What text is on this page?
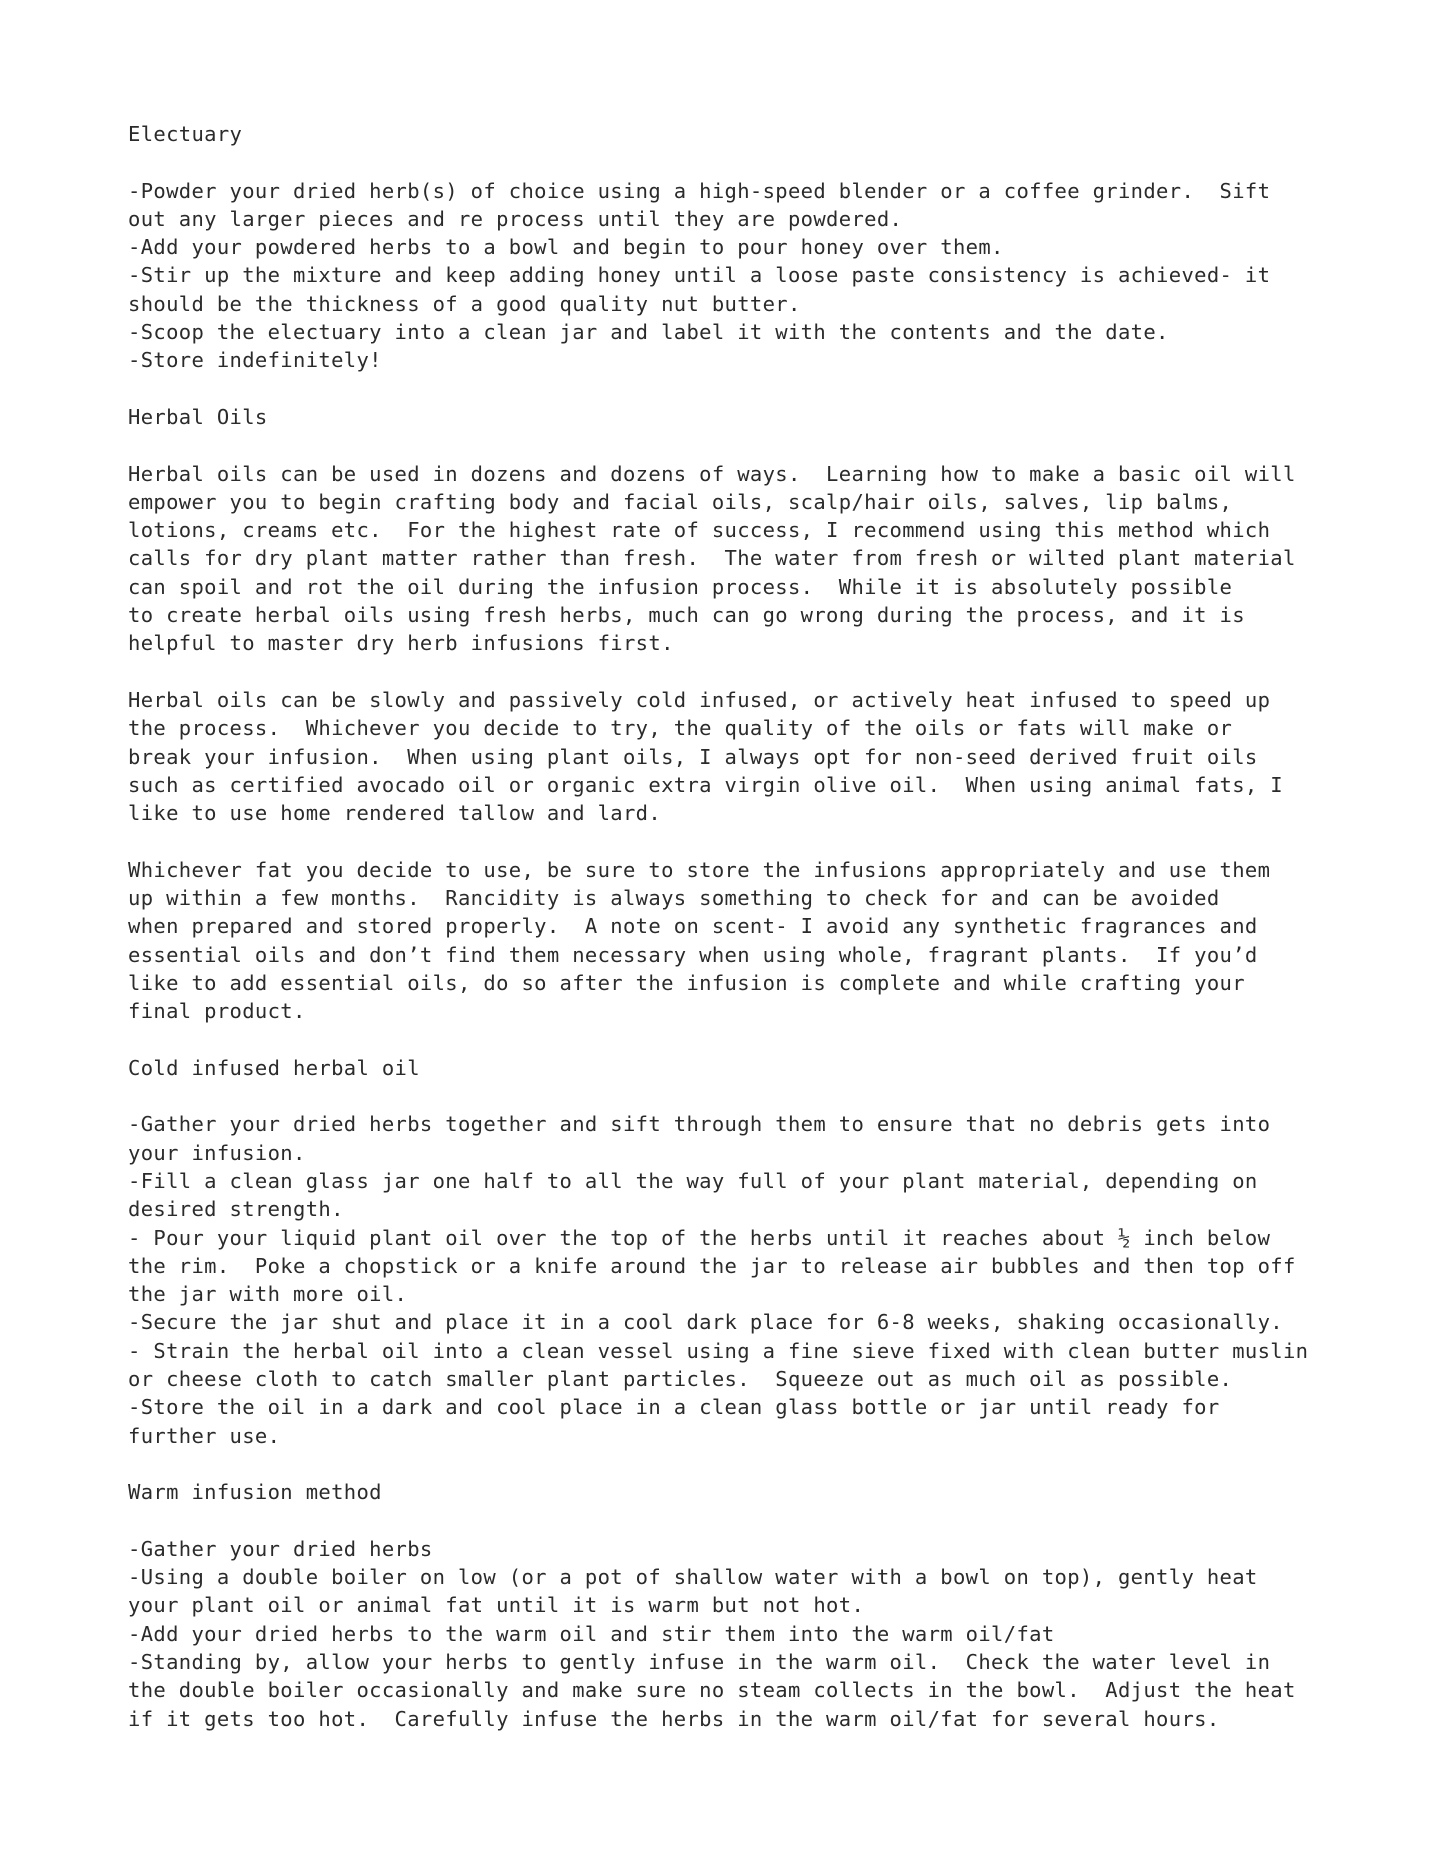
Electuary
-Powder your dried herb(s) of choice using a high-speed blender or a coffee grinder.  Sift
out any larger pieces and re process until they are powdered.
-Add your powdered herbs to a bowl and begin to pour honey over them.
-Stir up the mixture and keep adding honey until a loose paste consistency is achieved- it
should be the thickness of a good quality nut butter.
-Scoop the electuary into a clean jar and label it with the contents and the date.
-Store indefinitely!
Herbal Oils
Herbal oils can be used in dozens and dozens of ways.  Learning how to make a basic oil will
empower you to begin crafting body and facial oils, scalp/hair oils, salves, lip balms,
lotions, creams etc.  For the highest rate of success, I recommend using this method which
calls for dry plant matter rather than fresh.  The water from fresh or wilted plant material
can spoil and rot the oil during the infusion process.  While it is absolutely possible
to create herbal oils using fresh herbs, much can go wrong during the process, and it is
helpful to master dry herb infusions first.
Herbal oils can be slowly and passively cold infused, or actively heat infused to speed up
the process.  Whichever you decide to try, the quality of the oils or fats will make or
break your infusion.  When using plant oils, I always opt for non-seed derived fruit oils
such as certified avocado oil or organic extra virgin olive oil.  When using animal fats, I
like to use home rendered tallow and lard.
Whichever fat you decide to use, be sure to store the infusions appropriately and use them
up within a few months.  Rancidity is always something to check for and can be avoided
when prepared and stored properly.  A note on scent- I avoid any synthetic fragrances and
essential oils and don’t find them necessary when using whole, fragrant plants.  If you’d
like to add essential oils, do so after the infusion is complete and while crafting your
final product.
Cold infused herbal oil
-Gather your dried herbs together and sift through them to ensure that no debris gets into
your infusion.
-Fill a clean glass jar one half to all the way full of your plant material, depending on
desired strength.
- Pour your liquid plant oil over the top of the herbs until it reaches about ½ inch below
the rim.  Poke a chopstick or a knife around the jar to release air bubbles and then top off
the jar with more oil.
-Secure the jar shut and place it in a cool dark place for 6-8 weeks, shaking occasionally.
- Strain the herbal oil into a clean vessel using a fine sieve fixed with clean butter muslin
or cheese cloth to catch smaller plant particles.  Squeeze out as much oil as possible.
-Store the oil in a dark and cool place in a clean glass bottle or jar until ready for
further use.
Warm infusion method
-Gather your dried herbs
-Using a double boiler on low (or a pot of shallow water with a bowl on top), gently heat
your plant oil or animal fat until it is warm but not hot.
-Add your dried herbs to the warm oil and stir them into the warm oil/fat
-Standing by, allow your herbs to gently infuse in the warm oil.  Check the water level in
the double boiler occasionally and make sure no steam collects in the bowl.  Adjust the heat
if it gets too hot.  Carefully infuse the herbs in the warm oil/fat for several hours.
